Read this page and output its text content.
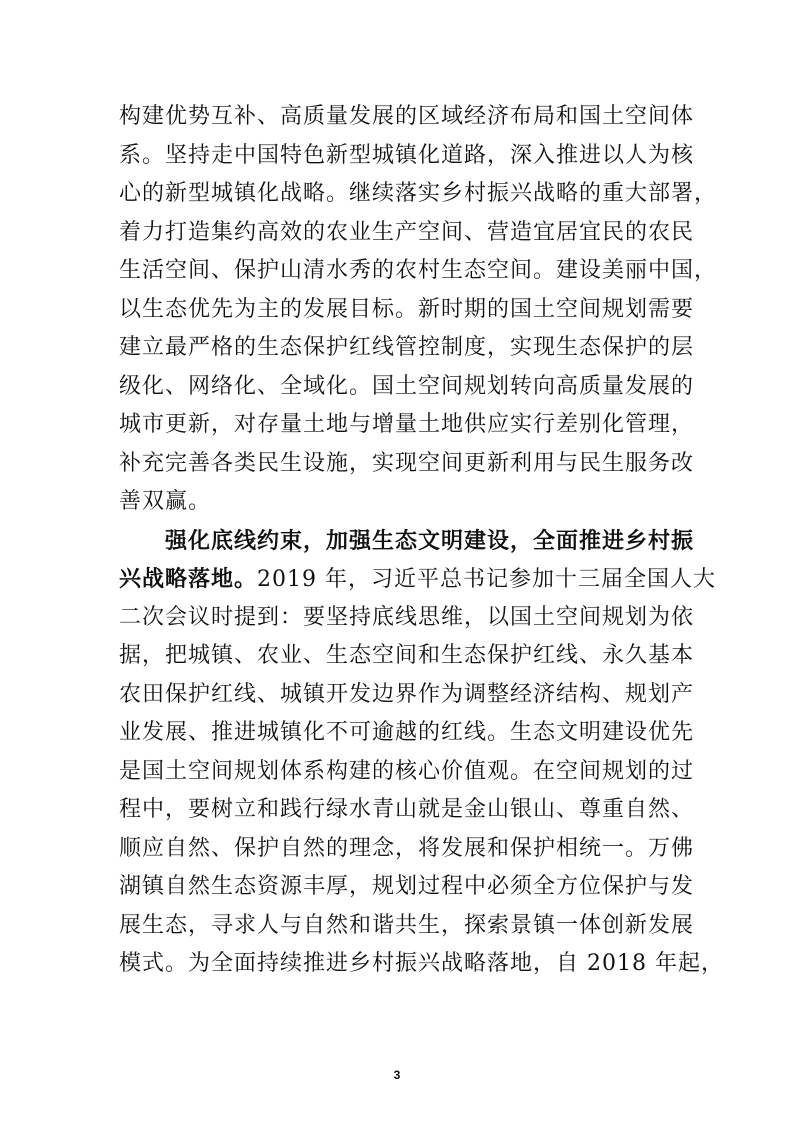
构建优势互补、高质量发展的区域经济布局和国土空间体
系。坚持走中国特色新型城镇化道路，深入推进以人为核
心的新型城镇化战略。继续落实乡村振兴战略的重大部署，
着力打造集约高效的农业生产空间、营造宜居宜民的农民
生活空间、保护山清水秀的农村生态空间。建设美丽中国，
以生态优先为主的发展目标。新时期的国土空间规划需要
建立最严格的生态保护红线管控制度，实现生态保护的层
级化、网络化、全域化。国土空间规划转向高质量发展的
城市更新，对存量土地与增量土地供应实行差别化管理，
补充完善各类民生设施，实现空间更新利用与民生服务改
善双赢。
强化底线约束，加强生态文明建设，全面推进乡村振
兴战略落地。2019 年，习近平总书记参加十三届全国人大
二次会议时提到：要坚持底线思维，以国土空间规划为依
据，把城镇、农业、生态空间和生态保护红线、永久基本
农田保护红线、城镇开发边界作为调整经济结构、规划产
业发展、推进城镇化不可逾越的红线。生态文明建设优先
是国土空间规划体系构建的核心价值观。在空间规划的过
程中，要树立和践行绿水青山就是金山银山、尊重自然、
顺应自然、保护自然的理念，将发展和保护相统一。万佛
湖镇自然生态资源丰厚，规划过程中必须全方位保护与发
展生态，寻求人与自然和谐共生，探索景镇一体创新发展
模式。为全面持续推进乡村振兴战略落地，自 2018 年起，
3
